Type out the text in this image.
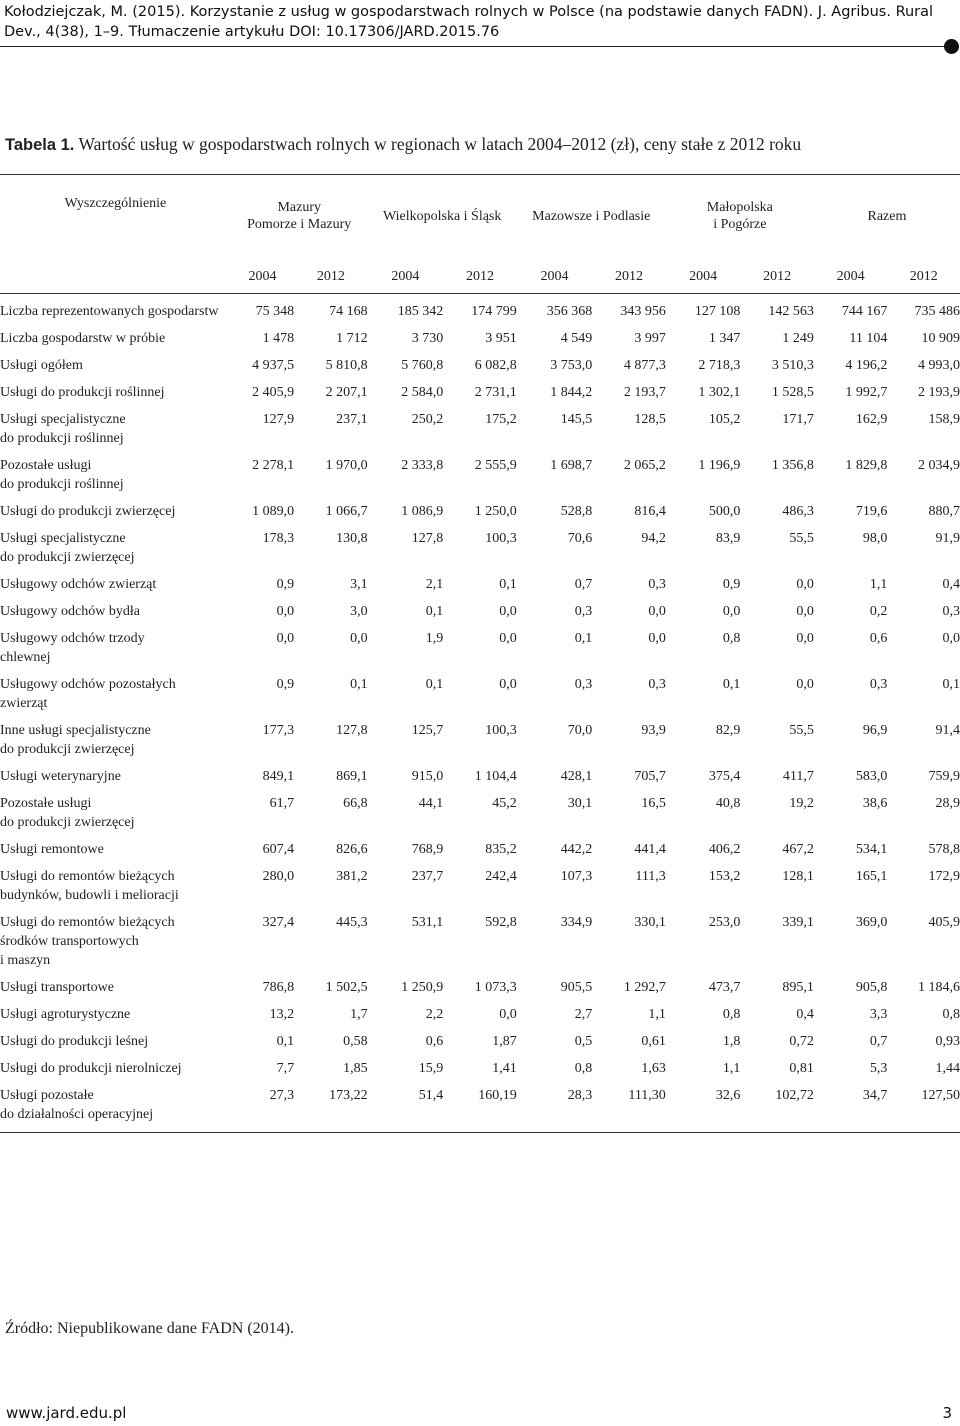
Kołodziejczak, M. (2015). Korzystanie z usług w gospodarstwach rolnych w Polsce (na podstawie danych FADN). J. Agribus. Rural Dev., 4(38), 1–9. Tłumaczenie artykułu DOI: 10.17306/JARD.2015.76
Tabela 1. Wartość usług w gospodarstwach rolnych w regionach w latach 2004–2012 (zł), ceny stałe z 2012 roku
Wyszczególnienie	Mazury
Pomorze i Mazury		Wielkopolska i Śląsk		Mazowsze i Podlasie		Małopolska
i Pogórze		Razem	
	2004	2012	2004	2012	2004	2012	2004	2012	2004	2012
Liczba reprezentowanych gospodarstw	75 348	74 168	185 342	174 799	356 368	343 956	127 108	142 563	744 167	735 486
Liczba gospodarstw w próbie	1 478	1 712	3 730	3 951	4 549	3 997	1 347	1 249	11 104	10 909
Usługi ogółem	4 937,5	5 810,8	5 760,8	6 082,8	3 753,0	4 877,3	2 718,3	3 510,3	4 196,2	4 993,0
Usługi do produkcji roślinnej	2 405,9	2 207,1	2 584,0	2 731,1	1 844,2	2 193,7	1 302,1	1 528,5	1 992,7	2 193,9
Usługi specjalistyczne
do produkcji roślinnej	127,9	237,1	250,2	175,2	145,5	128,5	105,2	171,7	162,9	158,9
Pozostałe usługi
do produkcji roślinnej	2 278,1	1 970,0	2 333,8	2 555,9	1 698,7	2 065,2	1 196,9	1 356,8	1 829,8	2 034,9
Usługi do produkcji zwierzęcej	1 089,0	1 066,7	1 086,9	1 250,0	528,8	816,4	500,0	486,3	719,6	880,7
Usługi specjalistyczne
do produkcji zwierzęcej	178,3	130,8	127,8	100,3	70,6	94,2	83,9	55,5	98,0	91,9
Usługowy odchów zwierząt	0,9	3,1	2,1	0,1	0,7	0,3	0,9	0,0	1,1	0,4
Usługowy odchów bydła	0,0	3,0	0,1	0,0	0,3	0,0	0,0	0,0	0,2	0,3
Usługowy odchów trzody
chlewnej	0,0	0,0	1,9	0,0	0,1	0,0	0,8	0,0	0,6	0,0
Usługowy odchów pozostałych
zwierząt	0,9	0,1	0,1	0,0	0,3	0,3	0,1	0,0	0,3	0,1
Inne usługi specjalistyczne
do produkcji zwierzęcej	177,3	127,8	125,7	100,3	70,0	93,9	82,9	55,5	96,9	91,4
Usługi weterynaryjne	849,1	869,1	915,0	1 104,4	428,1	705,7	375,4	411,7	583,0	759,9
Pozostałe usługi
do produkcji zwierzęcej	61,7	66,8	44,1	45,2	30,1	16,5	40,8	19,2	38,6	28,9
Usługi remontowe	607,4	826,6	768,9	835,2	442,2	441,4	406,2	467,2	534,1	578,8
Usługi do remontów bieżących
budynków, budowli i melioracji	280,0	381,2	237,7	242,4	107,3	111,3	153,2	128,1	165,1	172,9
Usługi do remontów bieżących
środków transportowych
i maszyn	327,4	445,3	531,1	592,8	334,9	330,1	253,0	339,1	369,0	405,9
Usługi transportowe	786,8	1 502,5	1 250,9	1 073,3	905,5	1 292,7	473,7	895,1	905,8	1 184,6
Usługi agroturystyczne	13,2	1,7	2,2	0,0	2,7	1,1	0,8	0,4	3,3	0,8
Usługi do produkcji leśnej	0,1	0,58	0,6	1,87	0,5	0,61	1,8	0,72	0,7	0,93
Usługi do produkcji nierolniczej	7,7	1,85	15,9	1,41	0,8	1,63	1,1	0,81	5,3	1,44
Usługi pozostałe
do działalności operacyjnej	27,3	173,22	51,4	160,19	28,3	111,30	32,6	102,72	34,7	127,50
Źródło: Niepublikowane dane FADN (2014).
www.jard.edu.pl	3
